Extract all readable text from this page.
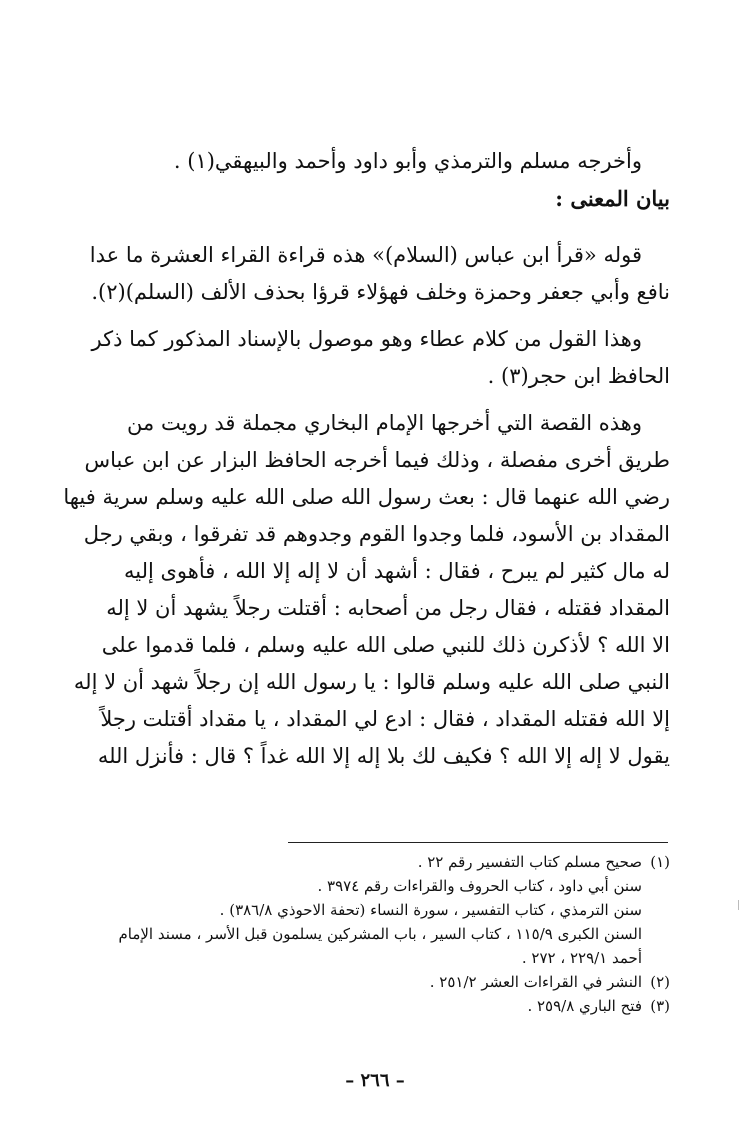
وأخرجه مسلم والترمذي وأبو داود وأحمد والبيهقي(١) .
بيان المعنى :
قوله «قرأ ابن عباس (السلام)» هذه قراءة القراء العشرة ما عدا
نافع وأبي جعفر وحمزة وخلف فهؤلاء قرؤا بحذف الألف (السلم)(٢).
وهذا القول من كلام عطاء وهو موصول بالإسناد المذكور كما ذكر
الحافظ ابن حجر(٣) .
وهذه القصة التي أخرجها الإمام البخاري مجملة قد رويت من
طريق أخرى مفصلة ، وذلك فيما أخرجه الحافظ البزار عن ابن عباس
رضي الله عنهما قال : بعث رسول الله صلى الله عليه وسلم سرية فيها
المقداد بن الأسود، فلما وجدوا القوم وجدوهم قد تفرقوا ، وبقي رجل
له مال كثير لم يبرح ، فقال : أشهد أن لا إله إلا الله ، فأهوى إليه
المقداد فقتله ، فقال رجل من أصحابه : أقتلت رجلاً يشهد أن لا إله
الا الله ؟ لأذكرن ذلك للنبي صلى الله عليه وسلم ، فلما قدموا على
النبي صلى الله عليه وسلم قالوا : يا رسول الله إن رجلاً شهد أن لا إله
إلا الله فقتله المقداد ، فقال : ادع لي المقداد ، يا مقداد أقتلت رجلاً
يقول لا إله إلا الله ؟ فكيف لك بلا إله إلا الله غداً ؟ قال : فأنزل الله
(١)صحيح مسلم كتاب التفسير رقم ٢٢ .
سنن أبي داود ، كتاب الحروف والقراءات رقم ٣٩٧٤ .
سنن الترمذي ، كتاب التفسير ، سورة النساء (تحفة الاحوذي ٣٨٦/٨) .
السنن الكبرى ١١٥/٩ ، كتاب السير ، باب المشركين يسلمون قبل الأسر ، مسند الإمام
أحمد ٢٢٩/١ ، ٢٧٢ .
(٢)النشر في القراءات العشر ٢٥١/٢ .
(٣)فتح الباري ٢٥٩/٨ .
– ٢٦٦ –
